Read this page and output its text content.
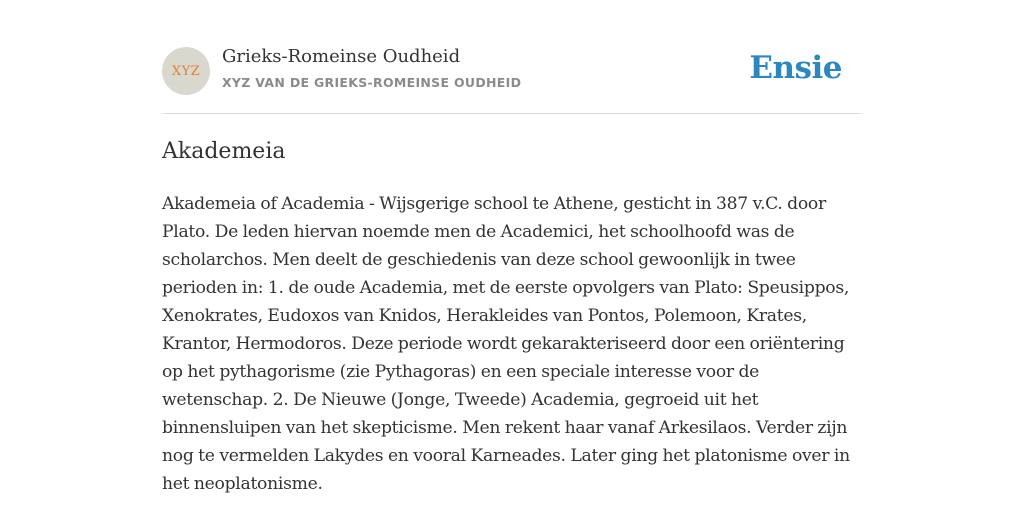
XYZ
Grieks-Romeinse Oudheid
XYZ VAN DE GRIEKS-ROMEINSE OUDHEID	Ensie
Akademeia

Akademeia of Academia - Wijsgerige school te Athene, gesticht in 387 v.C. door Plato. De leden hiervan noemde men de Academici, het schoolhoofd was de scholarchos. Men deelt de geschiedenis van deze school gewoonlijk in twee perioden in: 1. de oude Academia, met de eerste opvolgers van Plato: Speusippos, Xenokrates, Eudoxos van Knidos, Herakleides van Pontos, Polemoon, Krates, Krantor, Hermodoros. Deze periode wordt gekarakteriseerd door een oriëntering op het pythagorisme (zie Pythagoras) en een speciale interesse voor de wetenschap. 2. De Nieuwe (Jonge, Tweede) Academia, gegroeid uit het binnensluipen van het skepticisme. Men rekent haar vanaf Arkesilaos. Verder zijn nog te vermelden Lakydes en vooral Karneades. Later ging het platonisme over in het neoplatonisme.
